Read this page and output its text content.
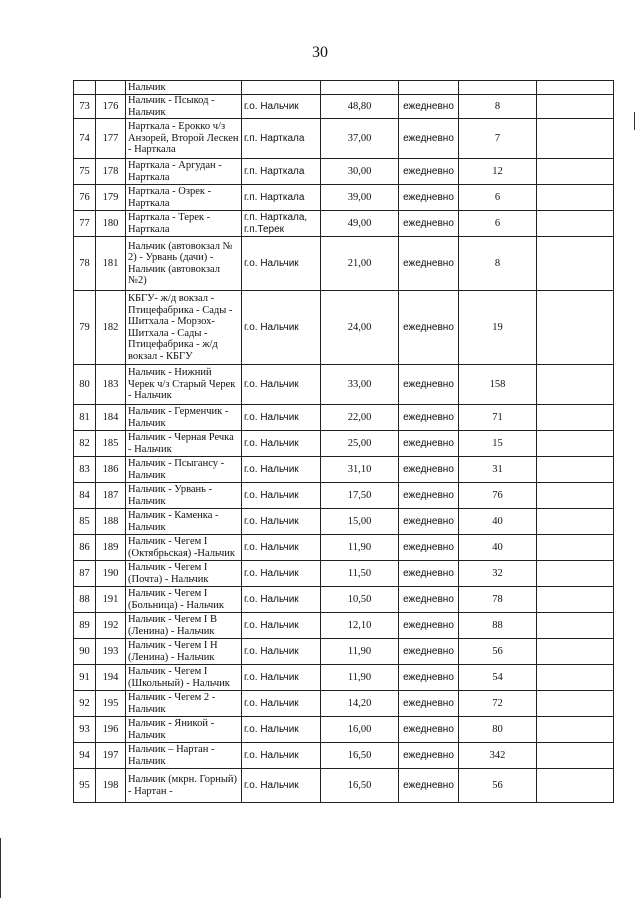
30
		Нальчик					
73	176	Нальчик - Псыкод - Нальчик	г.о. Нальчик	48,80	ежедневно	8	
74	177	Нарткала - Ерокко ч/з Анзорей, Второй Лескен - Нарткала	г.п. Нарткала	37,00	ежедневно	7	
75	178	Нарткала - Аргудан - Нарткала	г.п. Нарткала	30,00	ежедневно	12	
76	179	Нарткала - Озрек - Нарткала	г.п. Нарткала	39,00	ежедневно	6	
77	180	Нарткала - Терек - Нарткала	г.п. Нарткала, г.п.Терек	49,00	ежедневно	6	
78	181	Нальчик (автовокзал № 2) - Урвань (дачи) - Нальчик (автовокзал №2)	г.о. Нальчик	21,00	ежедневно	8	
79	182	КБГУ- ж/д вокзал - Птицефабрика - Сады - Шитхала - Морзох- Шитхала - Сады - Птицефабрика - ж/д вокзал - КБГУ	г.о. Нальчик	24,00	ежедневно	19	
80	183	Нальчик - Нижний Черек ч/з Старый Черек - Нальчик	г.о. Нальчик	33,00	ежедневно	158	
81	184	Нальчик - Герменчик - Нальчик	г.о. Нальчик	22,00	ежедневно	71	
82	185	Нальчик - Черная Речка - Нальчик	г.о. Нальчик	25,00	ежедневно	15	
83	186	Нальчик - Псыгансу - Нальчик	г.о. Нальчик	31,10	ежедневно	31	
84	187	Нальчик - Урвань - Нальчик	г.о. Нальчик	17,50	ежедневно	76	
85	188	Нальчик - Каменка - Нальчик	г.о. Нальчик	15,00	ежедневно	40	
86	189	Нальчик - Чегем I (Октябрьская) -Нальчик	г.о. Нальчик	11,90	ежедневно	40	
87	190	Нальчик - Чегем I (Почта) - Нальчик	г.о. Нальчик	11,50	ежедневно	32	
88	191	Нальчик - Чегем I (Больница) - Нальчик	г.о. Нальчик	10,50	ежедневно	78	
89	192	Нальчик - Чегем I В (Ленина) - Нальчик	г.о. Нальчик	12,10	ежедневно	88	
90	193	Нальчик - Чегем I Н (Ленина) - Нальчик	г.о. Нальчик	11,90	ежедневно	56	
91	194	Нальчик - Чегем I (Школьный) - Нальчик	г.о. Нальчик	11,90	ежедневно	54	
92	195	Нальчик - Чегем 2 - Нальчик	г.о. Нальчик	14,20	ежедневно	72	
93	196	Нальчик - Яникой - Нальчик	г.о. Нальчик	16,00	ежедневно	80	
94	197	Нальчик – Нартан - Нальчик	г.о. Нальчик	16,50	ежедневно	342	
95	198	Нальчик (мкрн. Горный) - Нартан -	г.о. Нальчик	16,50	ежедневно	56	
